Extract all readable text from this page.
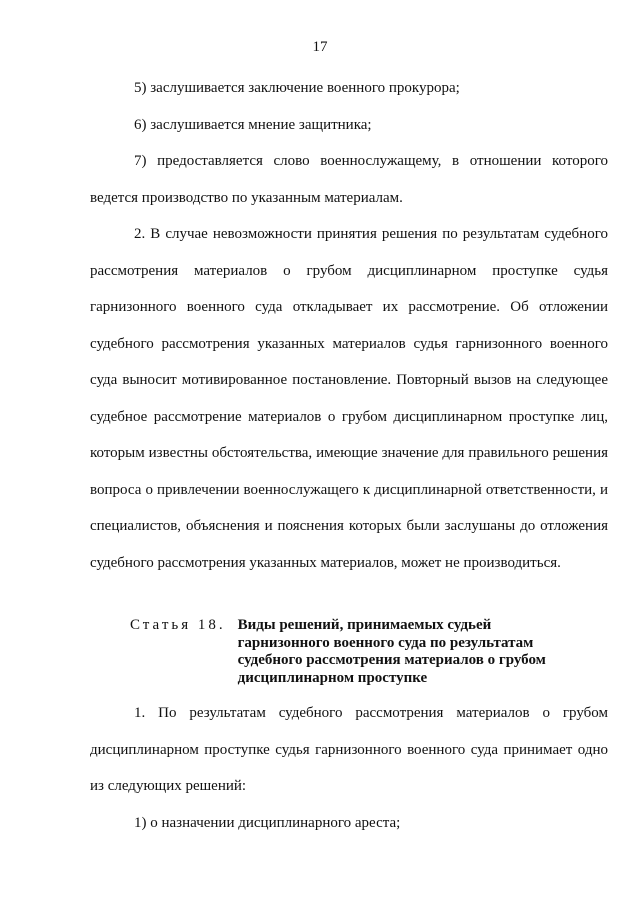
17

5) заслушивается заключение военного прокурора;

6) заслушивается мнение защитника;

7) предоставляется слово военнослужащему, в отношении которого ведется производство по указанным материалам.

2. В случае невозможности принятия решения по результатам судебного рассмотрения материалов о грубом дисциплинарном проступке судья гарнизонного военного суда откладывает их рассмотрение. Об отложении судебного рассмотрения указанных материалов судья гарнизонного военного суда выносит мотивированное постановление. Повторный вызов на следующее судебное рассмотрение материалов о грубом дисциплинарном проступке лиц, которым известны обстоятельства, имеющие значение для правильного решения вопроса о привлечении военнослужащего к дисциплинарной ответственности, и специалистов, объяснения и пояснения которых были заслушаны до отложения судебного рассмотрения указанных материалов, может не производиться.

Статья 18. Виды решений, принимаемых судьей гарнизонного военного суда по результатам судебного рассмотрения материалов о грубом дисциплинарном проступке

1. По результатам судебного рассмотрения материалов о грубом дисциплинарном проступке судья гарнизонного военного суда принимает одно из следующих решений:

1) о назначении дисциплинарного ареста;
